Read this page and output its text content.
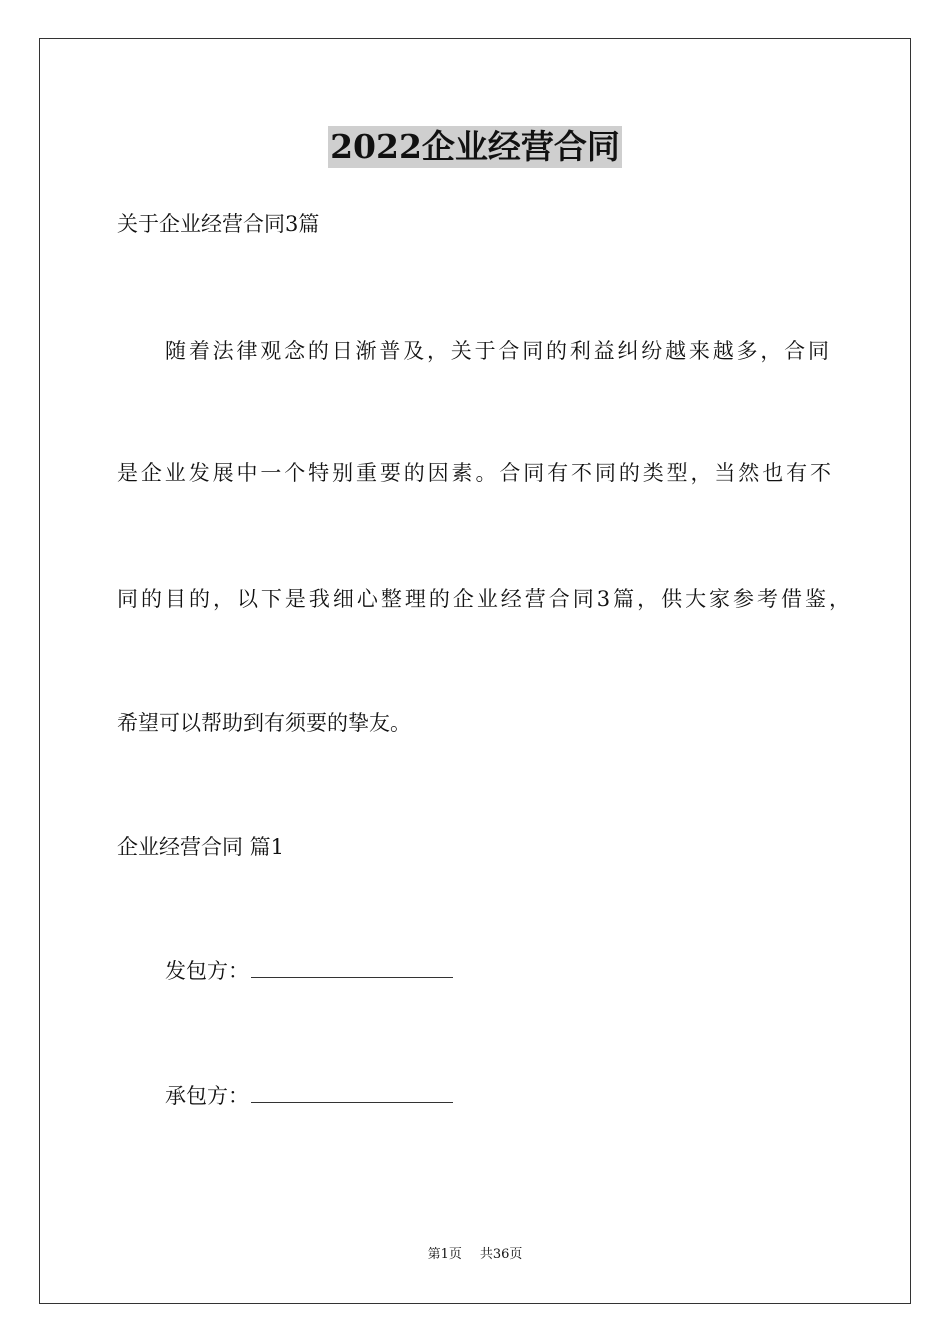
2022企业经营合同
关于企业经营合同3篇
随着法律观念的日渐普及，关于合同的利益纠纷越来越多，合同
是企业发展中一个特别重要的因素。合同有不同的类型，当然也有不
同的目的，以下是我细心整理的企业经营合同3篇，供大家参考借鉴，
希望可以帮助到有须要的挚友。
企业经营合同 篇1
发包方：
承包方：
第1页 共36页
